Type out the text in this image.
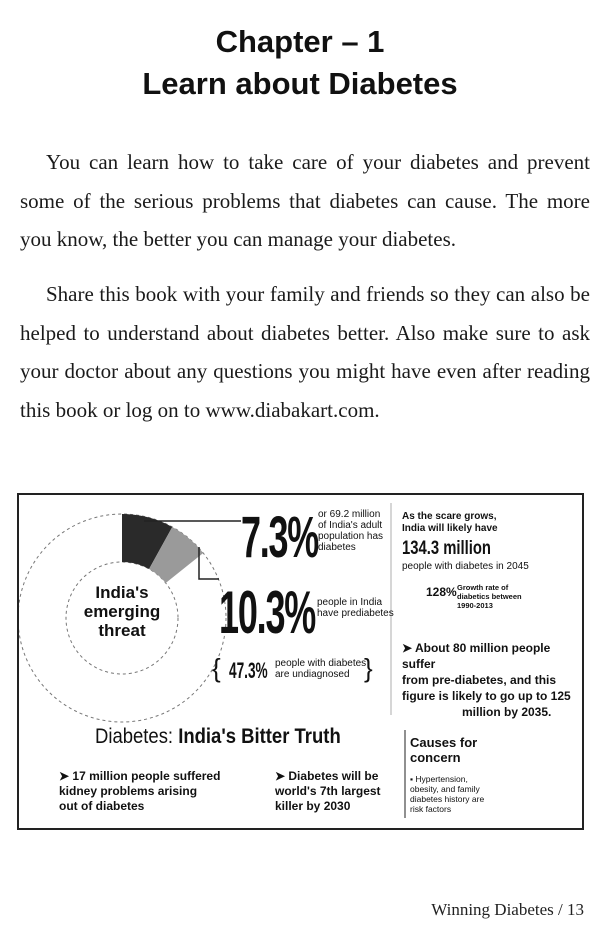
Chapter – 1
Learn about Diabetes

You can learn how to take care of your diabetes and prevent some of the serious problems that diabetes can cause. The more you know, the better you can manage your diabetes.

Share this book with your family and friends so they can also be helped to understand about diabetes better. Also make sure to ask your doctor about any questions you might have even after reading this book or log on to www.diabakart.com.

{	}
India's
emerging
threat
7.3% or 69.2 million
of India's adult
population has
diabetes
10.3% people in India
have prediabetes
47.3% people with diabetes
are undiagnosed
As the scare grows,
India will likely have
134.3 million
people with diabetes in 2045
128% Growth rate of
diabetics between
1990-2013
➤ About 80 million people suffer
from pre-diabetes, and this
figure is likely to go up to 125
million by 2035.
Diabetes: India's Bitter Truth
➤ 17 million people suffered
kidney problems arising
out of diabetes
➤ Diabetes will be
world's 7th largest
killer by 2030
Causes for
concern
▪ Hypertension,
obesity, and family
diabetes history are
risk factors
Winning Diabetes / 13
